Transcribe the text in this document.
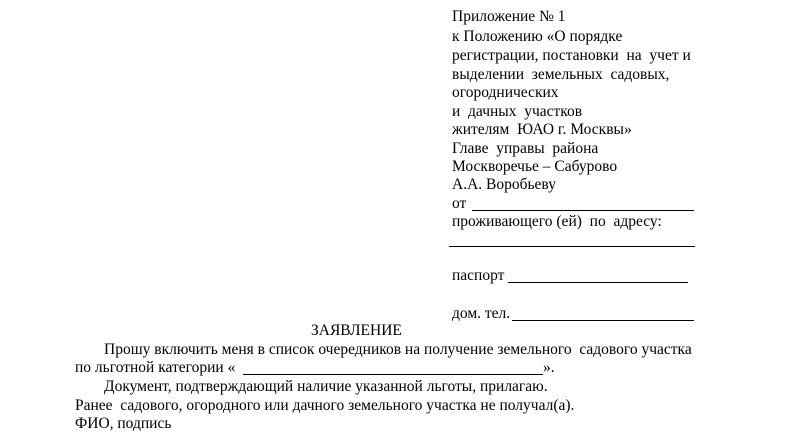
Приложение № 1
к Положению «О порядке
регистрации, постановки  на  учет и
выделении  земельных  садовых,
огороднических
и  дачных  участков
жителям  ЮАО г. Москвы»
Главе  управы  района
Москворечье – Сабурово
А.А. Воробьеву
от
проживающего (ей)  по  адресу:
паспорт
дом. тел.
ЗАЯВЛЕНИЕ
Прошу включить меня в список очередников на получение земельного  садового участка
по льготной категории «	».
Документ, подтверждающий наличие указанной льготы, прилагаю.
Ранее  садового, огородного или дачного земельного участка не получал(а).
ФИО, подпись
